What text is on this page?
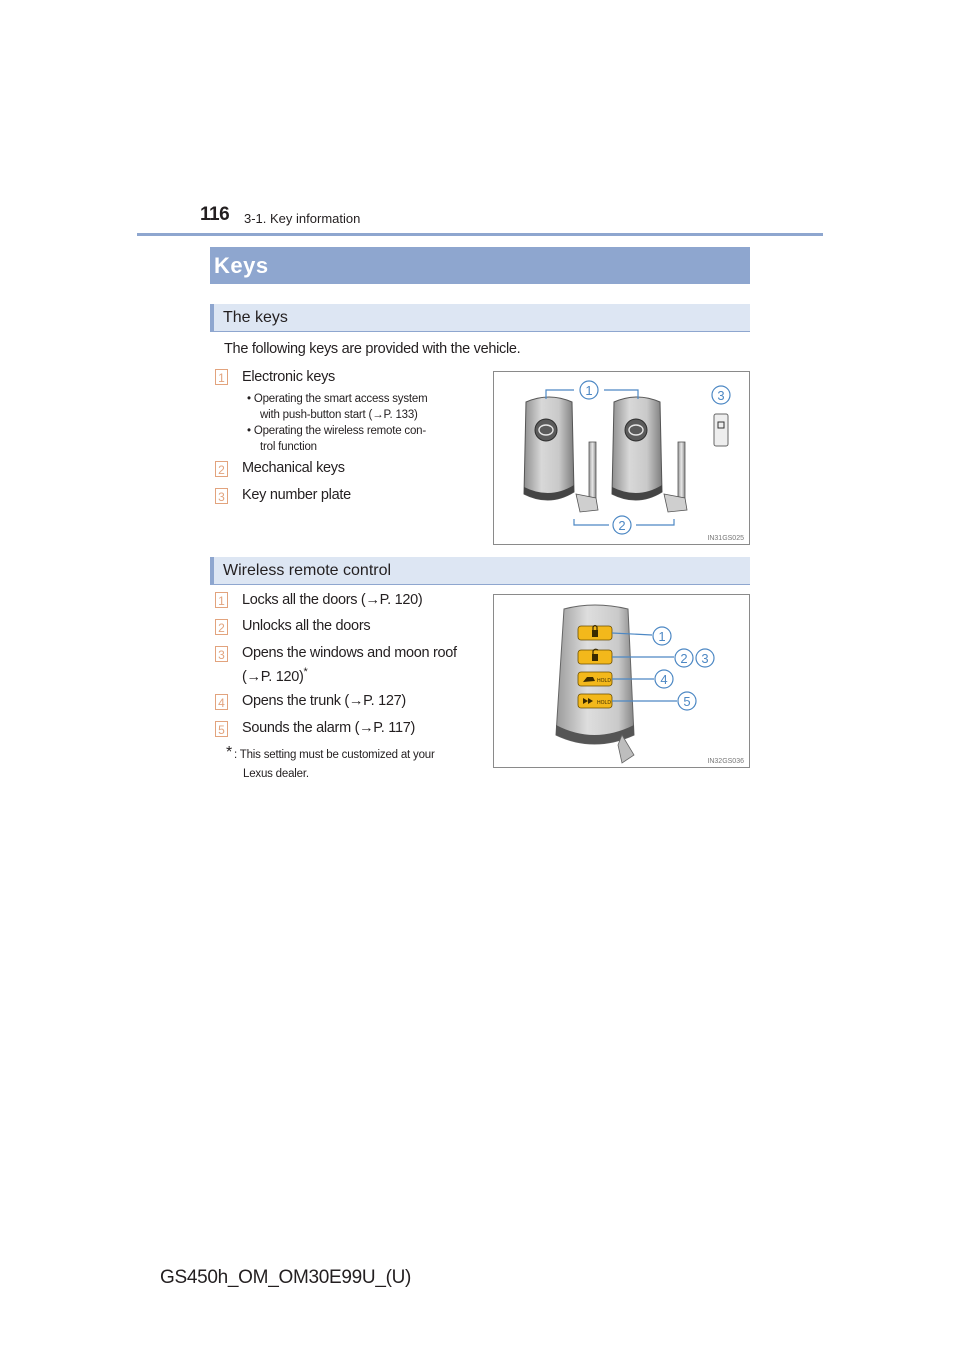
116 3-1. Key information
Keys
The keys
The following keys are provided with the vehicle.
1 Electronic keys
• Operating the smart access system
with push-button start (→P. 133)
• Operating the wireless remote con-
trol function
2 Mechanical keys
3 Key number plate
1
2
3
IN31GS025
Wireless remote control
1 Locks all the doors (→P. 120)
2 Unlocks all the doors
3 Opens the windows and moon roof
(→P. 120)*
4 Opens the trunk (→P. 127)
5 Sounds the alarm (→P. 117)
* : This setting must be customized at your
Lexus dealer.
HOLD
HOLD
1
2 3
4
5
IN32GS036
GS450h_OM_OM30E99U_(U)
